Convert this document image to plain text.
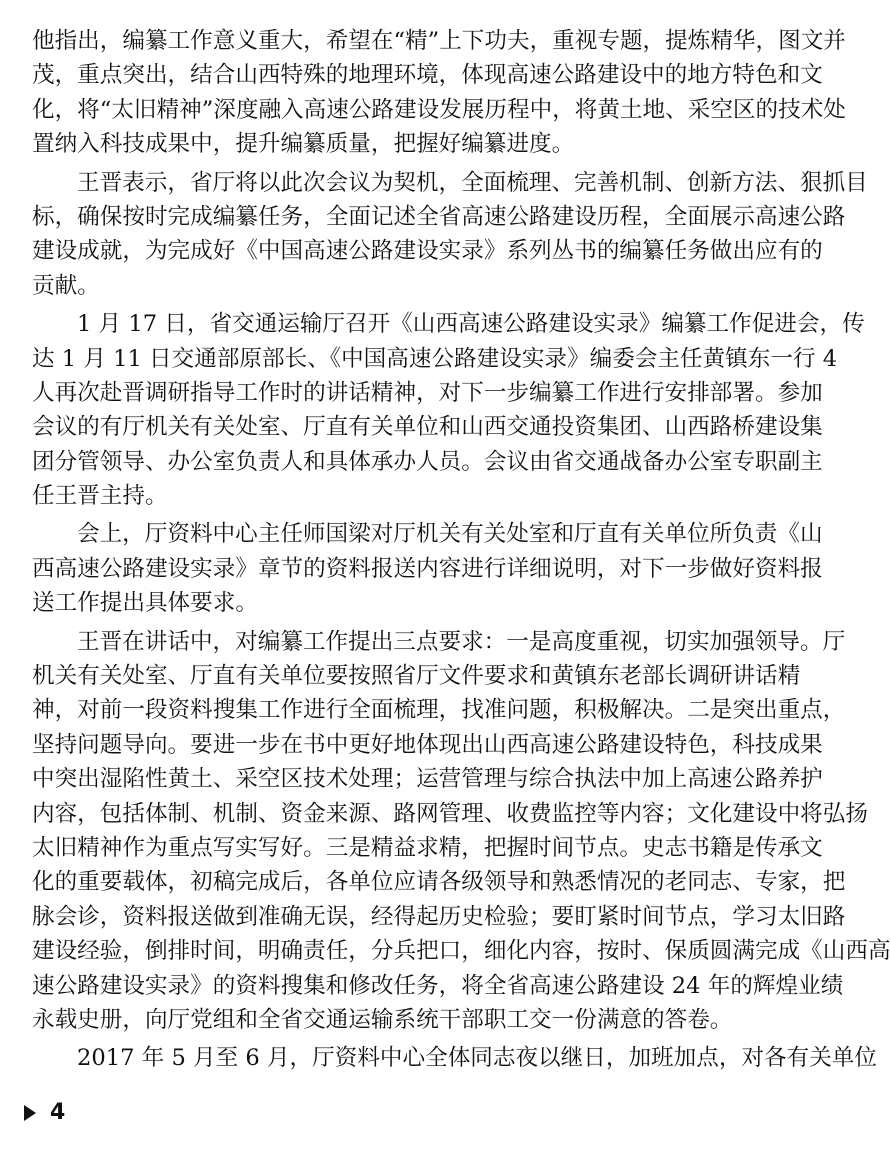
他指出，编纂工作意义重大，希望在“精”上下功夫，重视专题，提炼精华，图文并
茂，重点突出，结合山西特殊的地理环境，体现高速公路建设中的地方特色和文
化，将“太旧精神”深度融入高速公路建设发展历程中，将黄土地、采空区的技术处
置纳入科技成果中，提升编纂质量，把握好编纂进度。
王晋表示，省厅将以此次会议为契机，全面梳理、完善机制、创新方法、狠抓目
标，确保按时完成编纂任务，全面记述全省高速公路建设历程，全面展示高速公路
建设成就，为完成好《中国高速公路建设实录》系列丛书的编纂任务做出应有的
贡献。
1 月 17 日，省交通运输厅召开《山西高速公路建设实录》编纂工作促进会，传
达 1 月 11 日交通部原部长、《中国高速公路建设实录》编委会主任黄镇东一行 4
人再次赴晋调研指导工作时的讲话精神，对下一步编纂工作进行安排部署。参加
会议的有厅机关有关处室、厅直有关单位和山西交通投资集团、山西路桥建设集
团分管领导、办公室负责人和具体承办人员。会议由省交通战备办公室专职副主
任王晋主持。
会上，厅资料中心主任师国梁对厅机关有关处室和厅直有关单位所负责《山
西高速公路建设实录》章节的资料报送内容进行详细说明，对下一步做好资料报
送工作提出具体要求。
王晋在讲话中，对编纂工作提出三点要求：一是高度重视，切实加强领导。厅
机关有关处室、厅直有关单位要按照省厅文件要求和黄镇东老部长调研讲话精
神，对前一段资料搜集工作进行全面梳理，找准问题，积极解决。二是突出重点，
坚持问题导向。要进一步在书中更好地体现出山西高速公路建设特色，科技成果
中突出湿陷性黄土、采空区技术处理；运营管理与综合执法中加上高速公路养护
内容，包括体制、机制、资金来源、路网管理、收费监控等内容；文化建设中将弘扬
太旧精神作为重点写实写好。三是精益求精，把握时间节点。史志书籍是传承文
化的重要载体，初稿完成后，各单位应请各级领导和熟悉情况的老同志、专家，把
脉会诊，资料报送做到准确无误，经得起历史检验；要盯紧时间节点，学习太旧路
建设经验，倒排时间，明确责任，分兵把口，细化内容，按时、保质圆满完成《山西高
速公路建设实录》的资料搜集和修改任务，将全省高速公路建设 24 年的辉煌业绩
永载史册，向厅党组和全省交通运输系统干部职工交一份满意的答卷。
2017 年 5 月至 6 月，厅资料中心全体同志夜以继日，加班加点，对各有关单位
4
